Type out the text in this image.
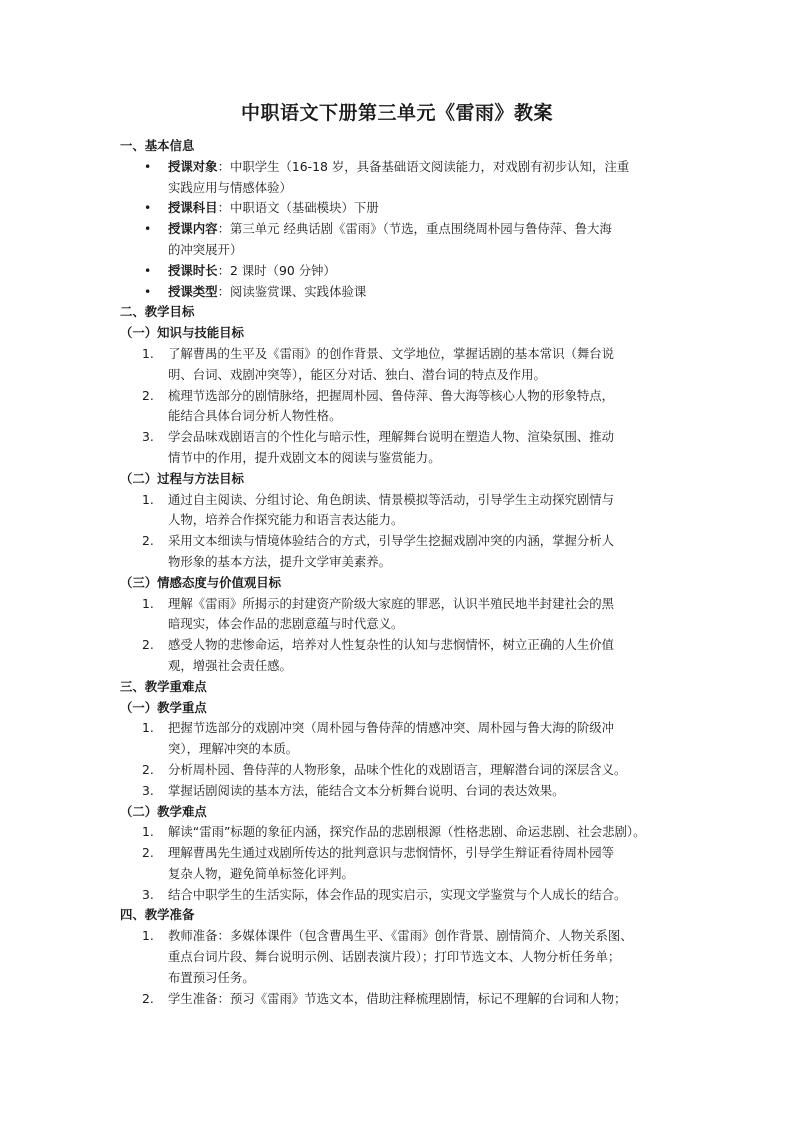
中职语文下册第三单元《雷雨》教案
一、基本信息
• 授课对象：中职学生（16-18 岁，具备基础语文阅读能力，对戏剧有初步认知，注重
实践应用与情感体验）
• 授课科目：中职语文（基础模块）下册
• 授课内容：第三单元 经典话剧《雷雨》（节选，重点围绕周朴园与鲁侍萍、鲁大海
的冲突展开）
• 授课时长：2 课时（90 分钟）
• 授课类型：阅读鉴赏课、实践体验课
二、教学目标
（一）知识与技能目标
1. 了解曹禺的生平及《雷雨》的创作背景、文学地位，掌握话剧的基本常识（舞台说
明、台词、戏剧冲突等），能区分对话、独白、潜台词的特点及作用。
2. 梳理节选部分的剧情脉络，把握周朴园、鲁侍萍、鲁大海等核心人物的形象特点，
能结合具体台词分析人物性格。
3. 学会品味戏剧语言的个性化与暗示性，理解舞台说明在塑造人物、渲染氛围、推动
情节中的作用，提升戏剧文本的阅读与鉴赏能力。
（二）过程与方法目标
1. 通过自主阅读、分组讨论、角色朗读、情景模拟等活动，引导学生主动探究剧情与
人物，培养合作探究能力和语言表达能力。
2. 采用文本细读与情境体验结合的方式，引导学生挖掘戏剧冲突的内涵，掌握分析人
物形象的基本方法，提升文学审美素养。
（三）情感态度与价值观目标
1. 理解《雷雨》所揭示的封建资产阶级大家庭的罪恶，认识半殖民地半封建社会的黑
暗现实，体会作品的悲剧意蕴与时代意义。
2. 感受人物的悲惨命运，培养对人性复杂性的认知与悲悯情怀，树立正确的人生价值
观，增强社会责任感。
三、教学重难点
（一）教学重点
1. 把握节选部分的戏剧冲突（周朴园与鲁侍萍的情感冲突、周朴园与鲁大海的阶级冲
突），理解冲突的本质。
2. 分析周朴园、鲁侍萍的人物形象，品味个性化的戏剧语言，理解潜台词的深层含义。
3. 掌握话剧阅读的基本方法，能结合文本分析舞台说明、台词的表达效果。
（二）教学难点
1. 解读“雷雨”标题的象征内涵，探究作品的悲剧根源（性格悲剧、命运悲剧、社会悲剧）。
2. 理解曹禺先生通过戏剧所传达的批判意识与悲悯情怀，引导学生辩证看待周朴园等
复杂人物，避免简单标签化评判。
3. 结合中职学生的生活实际，体会作品的现实启示，实现文学鉴赏与个人成长的结合。
四、教学准备
1. 教师准备：多媒体课件（包含曹禺生平、《雷雨》创作背景、剧情简介、人物关系图、
重点台词片段、舞台说明示例、话剧表演片段）；打印节选文本、人物分析任务单；
布置预习任务。
2. 学生准备：预习《雷雨》节选文本，借助注释梳理剧情，标记不理解的台词和人物；
